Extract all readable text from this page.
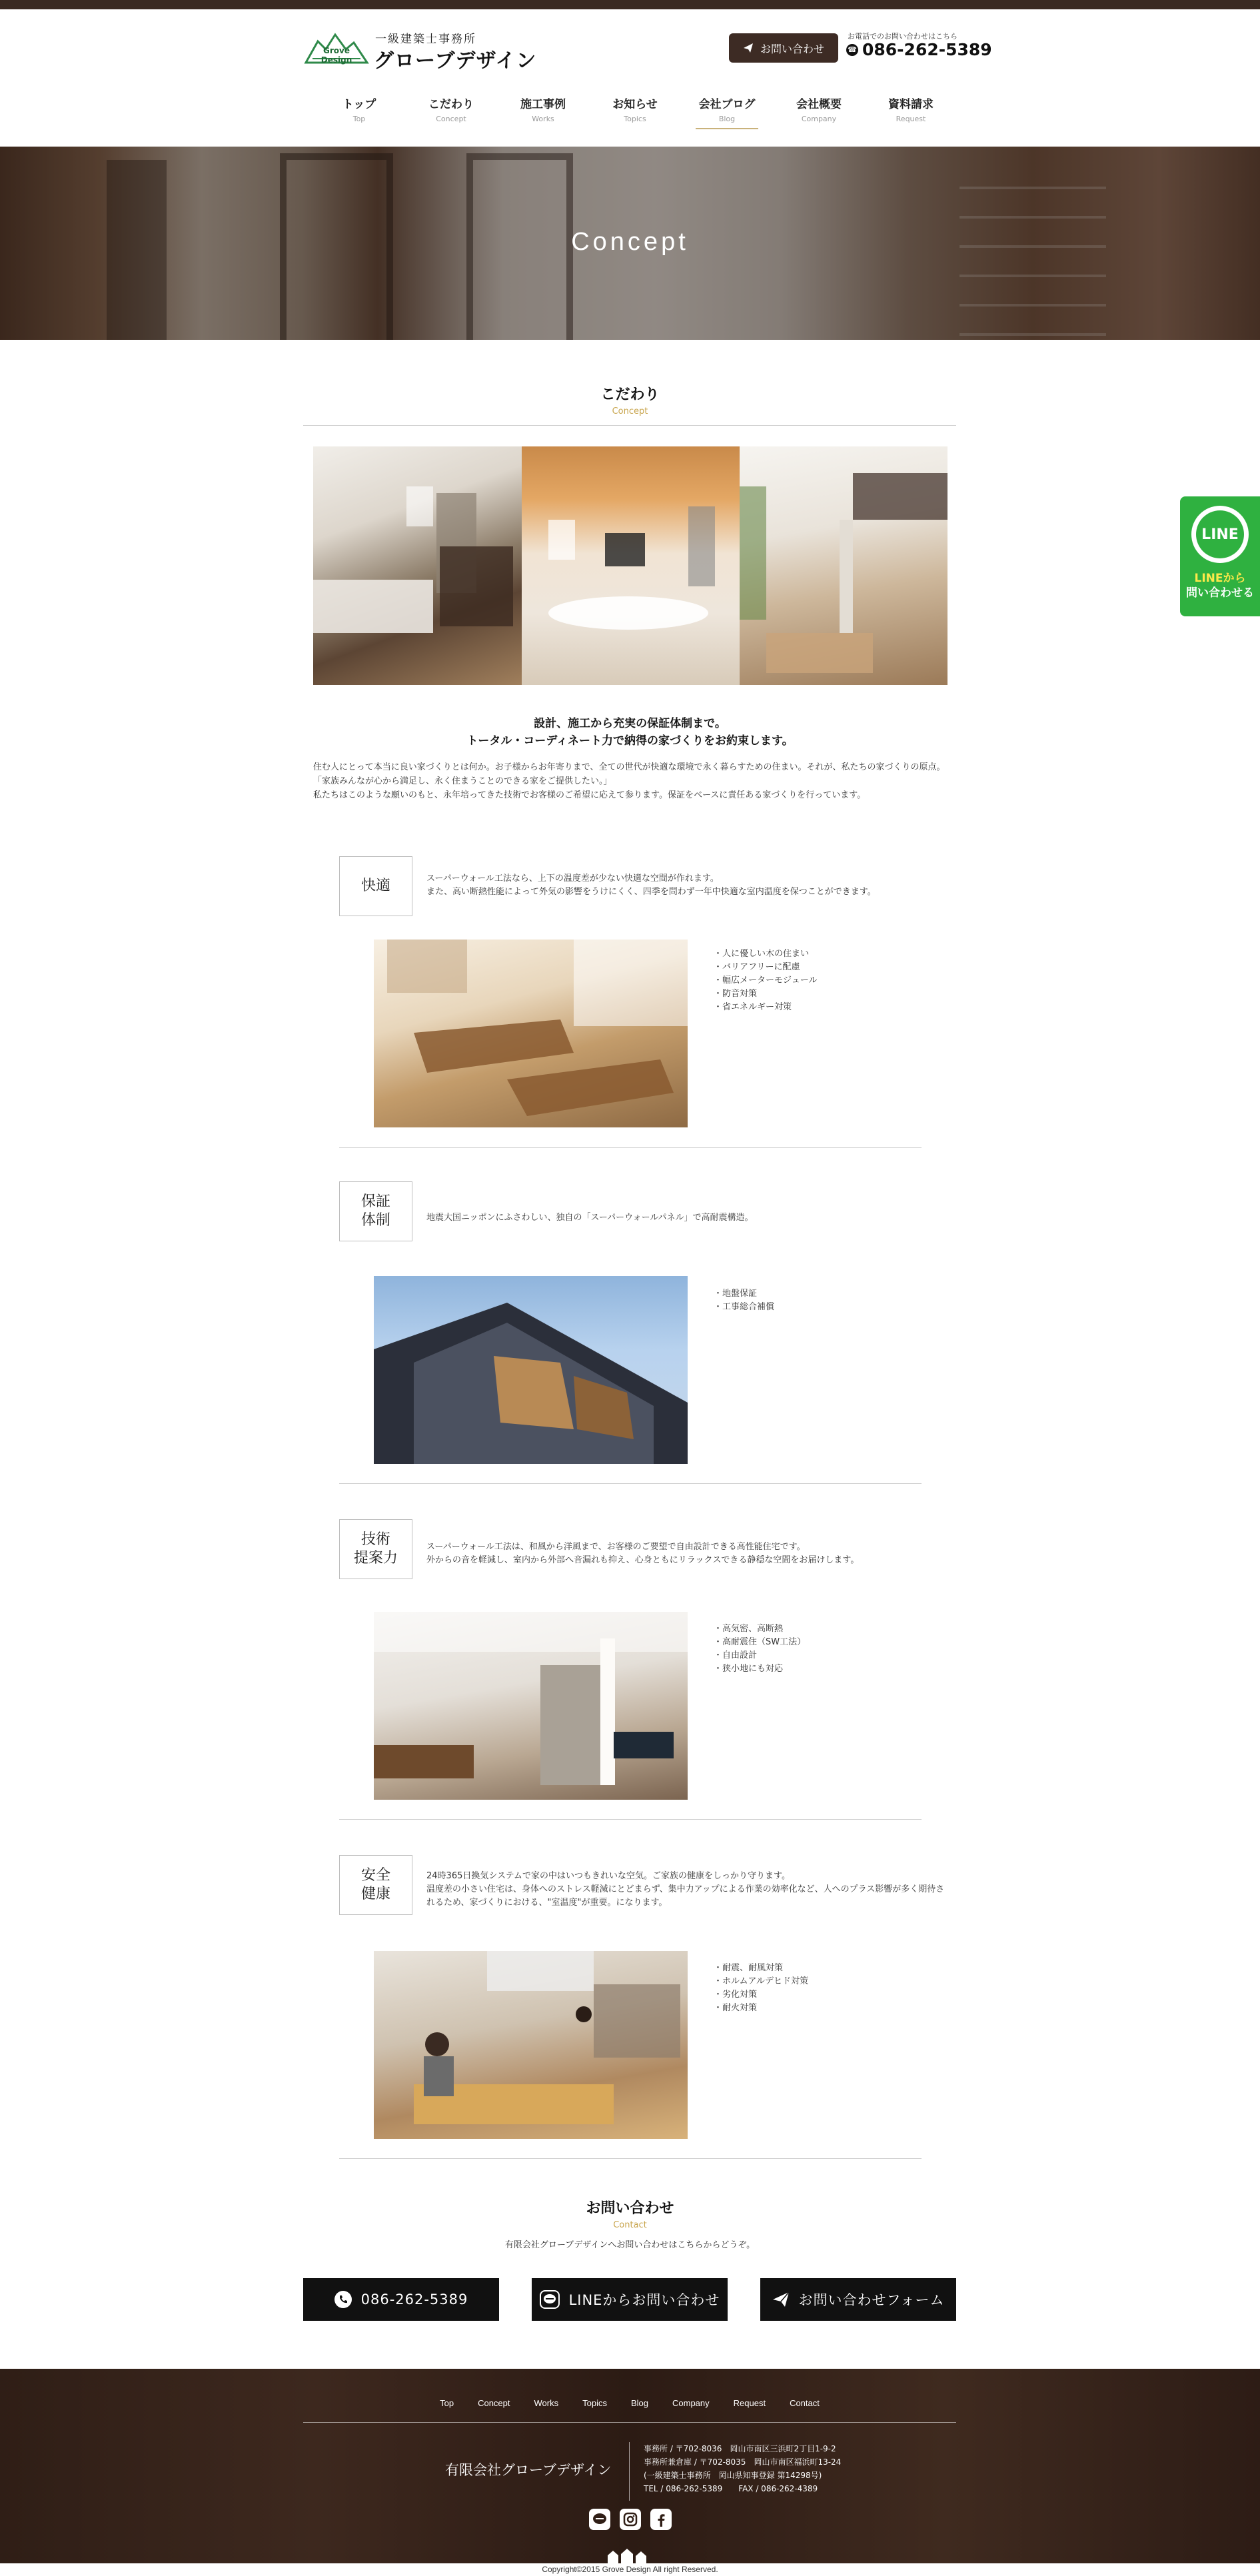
Grove
Design
一級建築士事務所
グローブデザイン
お問い合わせ
お電話でのお問い合わせはこちら
☎ 086-262-5389
トップ
Top
こだわり
Concept
施工事例
Works
お知らせ
Topics
会社ブログ
Blog
会社概要
Company
資料請求
Request
Concept
LINE
LINEから
問い合わせる
こだわり
Concept
設計、施工から充実の保証体制まで。
トータル・コーディネート力で納得の家づくりをお約束します。

住む人にとって本当に良い家づくりとは何か。お子様からお年寄りまで、全ての世代が快適な環境で永く暮らすための住まい。それが、私たちの家づくりの原点。

「家族みんなが心から満足し、永く住まうことのできる家をご提供したい。」

私たちはこのような願いのもと、永年培ってきた技術でお客様のご希望に応えて参ります。保証をベースに責任ある家づくりを行っています。

快適	スーパーウォール工法なら、上下の温度差が少ない快適な空間が作れます。

また、高い断熱性能によって外気の影響をうけにくく、四季を問わず一年中快適な室内温度を保つことができます。

・人に優しい木の住まい

・バリアフリーに配慮

・幅広メーターモジュール

・防音対策

・省エネルギー対策

保証
体制	地震大国ニッポンにふさわしい、独自の「スーパーウォールパネル」で高耐震構造。

・地盤保証

・工事総合補償

技術
提案力

スーパーウォール工法は、和風から洋風まで、お客様のご要望で自由設計できる高性能住宅です。

外からの音を軽減し、室内から外部へ音漏れも抑え、心身ともにリラックスできる静穏な空間をお届けします。

・高気密、高断熱

・高耐震住（SW工法）

・自由設計

・狭小地にも対応

安全
健康

24時365日換気システムで家の中はいつもきれいな空気。ご家族の健康をしっかり守ります。

温度差の小さい住宅は、身体へのストレス軽減にとどまらず、集中力アップによる作業の効率化など、人へのプラス影響が多く期待されるため、家づくりにおける、"室温度"が重要。になります。

・耐震、耐風対策

・ホルムアルデヒド対策

・劣化対策

・耐火対策

お問い合わせ
Contact
有限会社グローブデザインへお問い合わせはこちらからどうぞ。
086-262-5389	LINEからお問い合わせ	お問い合わせフォーム
Top	Concept	Works	Topics	Blog	Company	Request	Contact
有限会社グローブデザイン

事務所 / 〒702-8036　岡山市南区三浜町2丁目1-9-2

事務所兼倉庫 / 〒702-8035　岡山市南区福浜町13-24

(一級建築士事務所　岡山県知事登録 第14298号)

TEL / 086-262-5389　　FAX / 086-262-4389

Copyright©2015 Grove Design All right Reserved.
